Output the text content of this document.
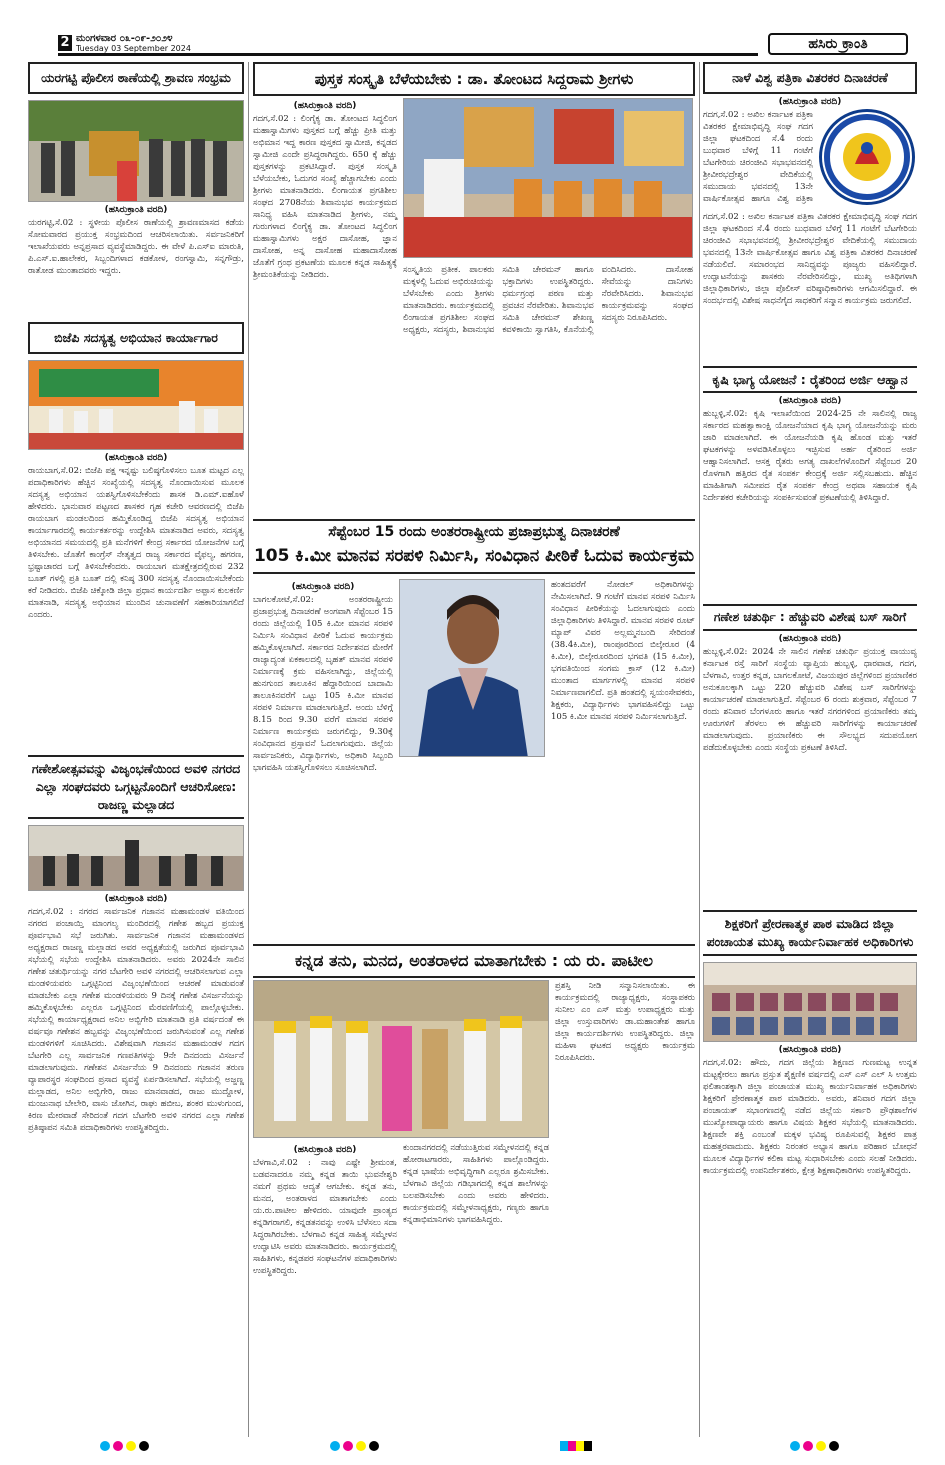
2 ಮಂಗಳವಾರ ೦೩-೦೯-೨೦೨೪
Tuesday 03 September 2024	ಹಸಿರು ಕ್ರಾಂತಿ
ಯರಗಟ್ಟಿ ಪೊಲೀಸ ಠಾಣೆಯಲ್ಲಿ ಶ್ರಾವಣ ಸಂಭ್ರಮ
(ಹಸಿರುಕ್ರಾಂತಿ ವರದಿ)
ಯರಗಟ್ಟಿ,ಸೆ.02 : ಸ್ಥಳೀಯ ಪೊಲೀಸ ಠಾಣೆಯಲ್ಲಿ ಶ್ರಾವಣಮಾಸದ ಕಡೆಯ ಸೋಮವಾರದ ಪ್ರಯುಕ್ತ ಸಂಭ್ರಮದಿಂದ ಆಚರಿಸಲಾಯಿತು. ಸರ್ವಜನಿಕರಿಗೆ ಇಲಾಖೆಯವರು ಅನ್ನಪ್ರಸಾದ ವ್ಯವಸ್ಥೆಮಾಡಿದ್ದರು. ಈ ವೇಳೆ ಪಿ.ಎಸ್‌ಐ ಮಾರುತಿ, ಪಿ.ಎಸ್.ಐ.ಹಾಲೇಕರ, ಸಿಬ್ಬಂದಿಗಳಾದ ಕಡಕೋಳ, ರಂಗಸ್ವಾಮಿ, ಸನ್ನಗೌಡ್ರು, ರಾತೋಡ ಮುಂತಾದವರು ಇದ್ದರು.
ಬಿಜೆಪಿ ಸದಸ್ಯತ್ವ ಅಭಿಯಾನ ಕಾರ್ಯಾಗಾರ
(ಹಸಿರುಕ್ರಾಂತಿ ವರದಿ)
ರಾಯಬಾಗ,ಸೆ.02: ಬಿಜೆಪಿ ಪಕ್ಷ ಇನ್ನಷ್ಟು ಬಲಿಷ್ಠಗೊಳಿಸಲು ಬೂತ ಮಟ್ಟದ ಎಲ್ಲ ಪದಾಧಿಕಾರಿಗಳು ಹೆಚ್ಚಿನ ಸಂಖ್ಯೆಯಲ್ಲಿ ಸದಸ್ಯತ್ವ ನೊಂದಾಯಿಸುವ ಮೂಲಕ ಸದಸ್ಯತ್ವ ಅಭಿಯಾನ ಯಶಸ್ವಿಗೊಳಿಸಬೇಕೆಂದು ಶಾಸಕ ಡಿ.ಎಮ್.ಐಹೊಳೆ ಹೇಳಿದರು. ಭಾನುವಾರ ಪಟ್ಟಣದ ಶಾಸಕರ ಗೃಹ ಕಚೇರಿ ಆವರಣದಲ್ಲಿ ಬಿಜೆಪಿ ರಾಯಬಾಗ ಮಂಡಲದಿಂದ ಹಮ್ಮಿಕೊಂಡಿದ್ದ ಬಿಜೆಪಿ ಸದಸ್ಯತ್ವ ಅಭಿಯಾನ ಕಾರ್ಯಾಗಾರದಲ್ಲಿ ಕಾರ್ಯಕರ್ತರನ್ನು ಉದ್ದೇಶಿಸಿ ಮಾತನಾಡಿದ ಅವರು, ಸದಸ್ಯತ್ವ ಅಭಿಯಾನದ ಸಮಯದಲ್ಲಿ ಪ್ರತಿ ಮನೆಗಳಿಗೆ ಕೇಂದ್ರ ಸರ್ಕಾರದ ಯೋಜನೆಗಳ ಬಗ್ಗೆ ತಿಳಿಸಬೇಕು. ಜೊತೆಗೆ ಕಾಂಗ್ರೆಸ್ ನೇತೃತ್ವದ ರಾಜ್ಯ ಸರ್ಕಾರದ ವೈಫಲ್ಯ, ಹಗರಣ, ಭ್ರಷ್ಟಾಚಾರದ ಬಗ್ಗೆ ತಿಳಿಸಬೇಕೆಂದರು. ರಾಯಬಾಗ ಮತಕ್ಷೇತ್ರದಲ್ಲಿರುವ 232 ಬೂತ್ ಗಳಲ್ಲಿ ಪ್ರತಿ ಬೂತ್ ದಲ್ಲಿ ಕನಿಷ್ಠ 300 ಸದಸ್ಯತ್ವ ನೊಂದಾಯಿಸಬೇಕೆಂದು ಕರೆ ನೀಡಿದರು. ಬಿಜೆಪಿ ಚಿಕ್ಕೋಡಿ ಜಿಲ್ಲಾ ಪ್ರಧಾನ ಕಾರ್ಯದರ್ಶಿ ಅಪ್ಪಾಸ ಕುಲಕರ್ಣಿ ಮಾತನಾಡಿ, ಸದಸ್ಯತ್ವ ಅಭಿಯಾನ ಮುಂದಿನ ಚುನಾವಣೆಗೆ ಸಹಕಾರಿಯಾಗಲಿದೆ ಎಂದರು.
ಗಣೇಶೋತ್ಸವವನ್ನು ವಿಜೃಂಭಣೆಯಿಂದ ಅವಳಿ ನಗರದ ಎಲ್ಲಾ ಸಂಘದವರು ಒಗ್ಗಟ್ಟನೊಂದಿಗೆ ಆಚರಿಸೋಣ: ರಾಜಣ್ಣ ಮಲ್ಲಾಡದ
(ಹಸಿರುಕ್ರಾಂತಿ ವರದಿ)
ಗದಗ,ಸೆ.02 : ನಗರದ ಸಾರ್ವಜನಿಕ ಗಜಾನನ ಮಹಾಮಂಡಳ ವತಿಯಿಂದ ನಗರದ ಪಂಚಾಯ್ತಿ ಮಾಂಗಲ್ಯ ಮಂದಿರದಲ್ಲಿ ಗಣೇಶ ಹಬ್ಬದ ಪ್ರಯುಕ್ತ ಪೂರ್ವಭಾವಿ ಸಭೆ ಜರುಗಿತು. ಸಾರ್ವಜನಿಕ ಗಜಾನನ ಮಹಾಮಂಡಳದ ಅಧ್ಯಕ್ಷರಾದ ರಾಜಣ್ಣ ಮಲ್ಲಾಡದ ಅವರ ಅಧ್ಯಕ್ಷತೆಯಲ್ಲಿ ಜರುಗಿದ ಪೂರ್ವಭಾವಿ ಸಭೆಯಲ್ಲಿ ಸಭೆಯ ಉದ್ದೇಶಿಸಿ ಮಾತನಾಡಿದರು. ಅವರು 2024ನೇ ಸಾಲಿನ ಗಣೇಶ ಚತುರ್ಥಿಯನ್ನು ನಗರ ಬೆಟಗೇರಿ ಅವಳಿ ನಗರದಲ್ಲಿ ಆಚರಿಸಲಾಗುವ ಎಲ್ಲಾ ಮಂಡಳಿಯವರು ಒಗ್ಗಟ್ಟಿನಿಂದ ವಿಜೃಂಭಣೆಯಿಂದ ಆಚರಣೆ ಮಾಡುವಂತೆ ಮಾಡಬೇಕು ಎಲ್ಲಾ ಗಣೇಶ ಮಂಡಳಿಯವರು 9 ದಿನಕ್ಕೆ ಗಣೇಶ ವಿಸರ್ಜನೆಯನ್ನು ಹಮ್ಮಿಕೊಳ್ಳಬೇಕು ಎಲ್ಲರೂ ಒಗ್ಗಟ್ಟಿನಿಂದ ಮೆರವಣಿಗೆಯಲ್ಲಿ ಪಾಲ್ಗೊಳ್ಳಬೇಕು. ಸಭೆಯಲ್ಲಿ ಕಾರ್ಯಾಧ್ಯಕ್ಷರಾದ ಅನಿಲ ಅಬ್ಬಿಗೇರಿ ಮಾತನಾಡಿ ಪ್ರತಿ ವರ್ಷದಂತೆ ಈ ವರ್ಷವೂ ಗಣೇಶನ ಹಬ್ಬವನ್ನು ವಿಜೃಂಭಣೆಯಿಂದ ಜರುಗಿಸುವಂತೆ ಎಲ್ಲ ಗಣೇಶ ಮಂಡಳಿಗಳಿಗೆ ಸೂಚಿಸಿದರು. ವಿಶೇಷವಾಗಿ ಗಜಾನನ ಮಹಾಮಂಡಳ ಗದಗ ಬೆಟಗೇರಿ ಎಲ್ಲ ಸಾರ್ವಜನಿಕ ಗಣಪತಿಗಳನ್ನು 9ನೇ ದಿನದಂದು ವಿಸರ್ಜನೆ ಮಾಡಲಾಗುವುದು. ಗಣೇಶನ ವಿಸರ್ಜನೆಯ 9 ದಿನದಂದು ಗಜಾನನ ತರುಣ ವ್ಯಾಪಾರಸ್ಥರ ಸಂಘದಿಂದ ಪ್ರಸಾದ ವ್ಯವಸ್ಥೆ ಏರ್ಪಡಿಸಲಾಗಿದೆ. ಸಭೆಯಲ್ಲಿ ಅಜ್ಜಣ್ಣ ಮಲ್ಲಾಡದ, ಅನಿಲ ಅಬ್ಬಿಗೇರಿ, ರಾಜು ಮಾನವಾಡದ, ರಾಜು ಮುದ್ದೋಳ, ಮಂಜುನಾಥ ಬೇಲೇರಿ, ವಾಸು ಜೋಗಿನ, ರಾಘು ಹಬೀಬ, ಶಂಕರ ಮುಳುಗುಂದ, ಕಿರಣ ಮೇರವಾಡೆ ಸೇರಿದಂತೆ ಗದಗ ಬೆಟಗೇರಿ ಅವಳಿ ನಗರದ ಎಲ್ಲಾ ಗಣೇಶ ಪ್ರತಿಷ್ಠಾಪನ ಸಮಿತಿ ಪದಾಧಿಕಾರಿಗಳು ಉಪಸ್ಥಿತರಿದ್ದರು.
ಪುಸ್ತಕ ಸಂಸ್ಕೃತಿ ಬೆಳೆಯಬೇಕು : ಡಾ. ತೋಂಟದ ಸಿದ್ದರಾಮ ಶ್ರೀಗಳು
(ಹಸಿರುಕ್ರಾಂತಿ ವರದಿ)
ಗದಗ,ಸೆ.02 : ಲಿಂಗೈಕ್ಯ ಡಾ. ತೋಂಟದ ಸಿದ್ಧಲಿಂಗ ಮಹಾಸ್ವಾಮಿಗಳು ಪುಸ್ತಕದ ಬಗ್ಗೆ ಹೆಚ್ಚು ಪ್ರೀತಿ ಮತ್ತು ಅಭಿಮಾನ ಇದ್ದ ಕಾರಣ ಪುಸ್ತಕದ ಸ್ವಾಮೀಜಿ, ಕನ್ನಡದ ಸ್ವಾಮೀಜಿ ಎಂದೇ ಪ್ರಸಿದ್ಧರಾಗಿದ್ದರು. 650 ಕ್ಕೆ ಹೆಚ್ಚು ಪುಸ್ತಕಗಳನ್ನು ಪ್ರಕಟಿಸಿದ್ದಾರೆ. ಪುಸ್ತಕ ಸಂಸ್ಕೃತಿ ಬೆಳೆಯಬೇಕು, ಓದುಗರ ಸಂಖ್ಯೆ ಹೆಚ್ಚಾಗಬೇಕು ಎಂದು ಶ್ರೀಗಳು ಮಾತನಾಡಿದರು. ಲಿಂಗಾಯತ ಪ್ರಗತಿಶೀಲ ಸಂಘದ 2708ನೆಯ ಶಿವಾನುಭವ ಕಾರ್ಯಕ್ರಮದ ಸಾನಿಧ್ಯ ವಹಿಸಿ ಮಾತನಾಡಿದ ಶ್ರೀಗಳು, ನಮ್ಮ ಗುರುಗಳಾದ ಲಿಂಗೈಕ್ಯ ಡಾ. ತೋಂಟದ ಸಿದ್ಧಲಿಂಗ ಮಹಾಸ್ವಾಮಿಗಳು ಅಕ್ಷರ ದಾಸೋಹ, ಜ್ಞಾನ ದಾಸೋಹ, ಅನ್ನ ದಾಸೋಹ ಮಹಾದಾಸೋಹ ಜೊತೆಗೆ ಗ್ರಂಥ ಪ್ರಕಟಣೆಯ ಮೂಲಕ ಕನ್ನಡ ಸಾಹಿತ್ಯಕ್ಕೆ ಶ್ರೀಮಂತಿಕೆಯನ್ನು ನೀಡಿದರು.	ಸಂಸ್ಕೃತಿಯ ಪ್ರತೀಕ. ಪಾಲಕರು ಮಕ್ಕಳಲ್ಲಿ ಓದುವ ಅಭಿರುಚಿಯನ್ನು ಬೆಳೆಸಬೇಕು ಎಂದು ಶ್ರೀಗಳು ಮಾತನಾಡಿದರು. ಕಾರ್ಯಕ್ರಮದಲ್ಲಿ ಲಿಂಗಾಯತ ಪ್ರಗತಿಶೀಲ ಸಂಘದ ಅಧ್ಯಕ್ಷರು, ಸದಸ್ಯರು, ಶಿವಾನುಭವ ಸಮಿತಿ ಚೇರಮನ್ ಹಾಗೂ ಭಕ್ತಾದಿಗಳು ಉಪಸ್ಥಿತರಿದ್ದರು. ಧರ್ಮಗ್ರಂಥ ಪಠಣ ಮತ್ತು ಪ್ರವಚನ ನೆರವೇರಿತು. ಶಿವಾನುಭವ ಸಮಿತಿ ಚೇರಮನ್ ಶೇಖಣ್ಣ ಕವಳಿಕಾಯಿ ಸ್ವಾಗತಿಸಿ, ಕೊನೆಯಲ್ಲಿ ವಂದಿಸಿದರು. ದಾಸೋಹ ಸೇವೆಯನ್ನು ದಾನಿಗಳು ನೆರವೇರಿಸಿದರು. ಶಿವಾನುಭವ ಕಾರ್ಯಕ್ರಮವನ್ನು ಸಂಘದ ಸದಸ್ಯರು ನಿರೂಪಿಸಿದರು.
ಸೆಪ್ಟೆಂಬರ 15 ರಂದು ಅಂತರರಾಷ್ಟ್ರೀಯ ಪ್ರಜಾಪ್ರಭುತ್ವ ದಿನಾಚರಣೆ
105 ಕಿ.ಮೀ ಮಾನವ ಸರಪಳಿ ನಿರ್ಮಿಸಿ, ಸಂವಿಧಾನ ಪೀಠಿಕೆ ಓದುವ ಕಾರ್ಯಕ್ರಮ
(ಹಸಿರುಕ್ರಾಂತಿ ವರದಿ)
ಬಾಗಲಕೋಟೆ,ಸೆ.02: ಅಂತರರಾಷ್ಟ್ರೀಯ ಪ್ರಜಾಪ್ರಭುತ್ವ ದಿನಾಚರಣೆ ಅಂಗವಾಗಿ ಸೆಪ್ಟೆಂಬರ 15 ರಂದು ಜಿಲ್ಲೆಯಲ್ಲಿ 105 ಕಿ.ಮೀ ಮಾನವ ಸರಪಳಿ ನಿರ್ಮಿಸಿ ಸಂವಿಧಾನ ಪೀಠಿಕೆ ಓದುವ ಕಾರ್ಯಕ್ರಮ ಹಮ್ಮಿಕೊಳ್ಳಲಾಗಿದೆ. ಸರ್ಕಾರದ ನಿರ್ದೇಶನದ ಮೇರೆಗೆ ರಾಜ್ಯಾದ್ಯಂತ ಏಕಕಾಲದಲ್ಲಿ ಬೃಹತ್ ಮಾನವ ಸರಪಳಿ ನಿರ್ಮಾಣಕ್ಕೆ ಕ್ರಮ ವಹಿಸಲಾಗಿದ್ದು, ಜಿಲ್ಲೆಯಲ್ಲಿ ಹುನಗುಂದ ತಾಲೂಕಿನ ಹೆದ್ದಾರಿಯಿಂದ ಬಾದಾಮಿ ತಾಲೂಕಿನವರೆಗೆ ಒಟ್ಟು 105 ಕಿ.ಮೀ ಮಾನವ ಸರಪಳಿ ನಿರ್ಮಾಣ ಮಾಡಲಾಗುತ್ತಿದೆ. ಅಂದು ಬೆಳಿಗ್ಗೆ 8.15 ರಿಂದ 9.30 ವರೆಗೆ ಮಾನವ ಸರಪಳಿ ನಿರ್ಮಾಣ ಕಾರ್ಯಕ್ರಮ ಜರುಗಲಿದ್ದು, 9.30ಕ್ಕೆ ಸಂವಿಧಾನದ ಪ್ರಸ್ತಾವನೆ ಓದಲಾಗುವುದು. ಜಿಲ್ಲೆಯ ಸಾರ್ವಜನಿಕರು, ವಿದ್ಯಾರ್ಥಿಗಳು, ಅಧಿಕಾರಿ ಸಿಬ್ಬಂದಿ ಭಾಗವಹಿಸಿ ಯಶಸ್ವಿಗೊಳಿಸಲು ಸೂಚಿಸಲಾಗಿದೆ.
ಹಂತದವರೆಗೆ ನೋಡಲ್ ಅಧಿಕಾರಿಗಳನ್ನು ನೇಮಿಸಲಾಗಿದೆ. 9 ಗಂಟೆಗೆ ಮಾನವ ಸರಪಳಿ ನಿರ್ಮಿಸಿ ಸಂವಿಧಾನ ಪೀಠಿಕೆಯನ್ನು ಓದಲಾಗುವುದು ಎಂದು ಜಿಲ್ಲಾಧಿಕಾರಿಗಳು ತಿಳಿಸಿದ್ದಾರೆ. ಮಾನವ ಸರಪಳಿ ರೂಟ್ ಮ್ಯಾಪ್ ವಿವರ ಅಲ್ಲಮ್ಮನಬಂದಿ ಸೇರಿದಂತೆ (38.4ಕಿ.ಮೀ), ರಾಂಪೂರದಿಂದ ಬಿಲ್ಕೇರೂರ (4 ಕಿ.ಮೀ), ಬಿಲ್ಕೇರೂರದಿಂದ ಭಗವತಿ (15 ಕಿ.ಮೀ), ಭಗವತಿಯಿಂದ ಸಂಗಮ ಕ್ರಾಸ್ (12 ಕಿ.ಮೀ) ಮುಂತಾದ ಮಾರ್ಗಗಳಲ್ಲಿ ಮಾನವ ಸರಪಳಿ ನಿರ್ಮಾಣವಾಗಲಿದೆ. ಪ್ರತಿ ಹಂತದಲ್ಲಿ ಸ್ವಯಂಸೇವಕರು, ಶಿಕ್ಷಕರು, ವಿದ್ಯಾರ್ಥಿಗಳು ಭಾಗವಹಿಸಲಿದ್ದು ಒಟ್ಟು 105 ಕಿ.ಮೀ ಮಾನವ ಸರಪಳಿ ನಿರ್ಮಿಸಲಾಗುತ್ತಿದೆ.
ಕನ್ನಡ ತನು, ಮನದ, ಅಂತರಾಳದ ಮಾತಾಗಬೇಕು : ಯ ರು. ಪಾಟೀಲ
ಪ್ರಶಸ್ತಿ ನೀಡಿ ಸನ್ಮಾನಿಸಲಾಯಿತು. ಈ ಕಾರ್ಯಕ್ರಮದಲ್ಲಿ ರಾಜ್ಯಾಧ್ಯಕ್ಷರು, ಸಂಸ್ಥಾಪಕರು ಸುನೀಲ ಎಂ ಎಸ್ ಮತ್ತು ಉಪಾಧ್ಯಕ್ಷರು ಮತ್ತು ಜಿಲ್ಲಾ ಉಸ್ತುವಾರಿಗಳು ಡಾ.ಮಹಾಂತೇಶ ಹಾಗೂ ಜಿಲ್ಲಾ ಕಾರ್ಯದರ್ಶಿಗಳು ಉಪಸ್ಥಿತರಿದ್ದರು. ಜಿಲ್ಲಾ ಮಹಿಳಾ ಘಟಕದ ಅಧ್ಯಕ್ಷರು ಕಾರ್ಯಕ್ರಮ ನಿರೂಪಿಸಿದರು.
(ಹಸಿರುಕ್ರಾಂತಿ ವರದಿ)
ಬೆಳಗಾವಿ,ಸೆ.02 : ನಾವು ಎಷ್ಟೇ ಶ್ರೀಮಂತ, ಬಡವನಾದರೂ ನಮ್ಮ ಕನ್ನಡ ತಾಯಿ ಭುವನೇಶ್ವರಿ ನಮಗೆ ಪ್ರಥಮ ಆದ್ಯತೆ ಆಗಬೇಕು. ಕನ್ನಡ ತನು, ಮನದ, ಅಂತರಾಳದ ಮಾತಾಗಬೇಕು ಎಂದು ಯ.ರು.ಪಾಟೀಲ ಹೇಳಿದರು. ಯಾವುದೇ ಪ್ರಾಂತ್ಯದ ಕನ್ನಡಿಗರಾಗಲಿ, ಕನ್ನಡತನವನ್ನು ಉಳಿಸಿ ಬೆಳೆಸಲು ಸದಾ ಸಿದ್ಧರಾಗಿರಬೇಕು. ಬೆಳಗಾವಿ ಕನ್ನಡ ಸಾಹಿತ್ಯ ಸಮ್ಮೇಳನ ಉದ್ಘಾಟಿಸಿ ಅವರು ಮಾತನಾಡಿದರು. ಕಾರ್ಯಕ್ರಮದಲ್ಲಿ ಸಾಹಿತಿಗಳು, ಕನ್ನಡಪರ ಸಂಘಟನೆಗಳ ಪದಾಧಿಕಾರಿಗಳು ಉಪಸ್ಥಿತರಿದ್ದರು.
ಕುಂದಾನಗರದಲ್ಲಿ ನಡೆಯುತ್ತಿರುವ ಸಮ್ಮೇಳನದಲ್ಲಿ ಕನ್ನಡ ಹೋರಾಟಗಾರರು, ಸಾಹಿತಿಗಳು ಪಾಲ್ಗೊಂಡಿದ್ದರು. ಕನ್ನಡ ಭಾಷೆಯ ಅಭಿವೃದ್ಧಿಗಾಗಿ ಎಲ್ಲರೂ ಶ್ರಮಿಸಬೇಕು. ಬೆಳಗಾವಿ ಜಿಲ್ಲೆಯ ಗಡಿಭಾಗದಲ್ಲಿ ಕನ್ನಡ ಶಾಲೆಗಳನ್ನು ಬಲಪಡಿಸಬೇಕು ಎಂದು ಅವರು ಹೇಳಿದರು. ಕಾರ್ಯಕ್ರಮದಲ್ಲಿ ಸಮ್ಮೇಳನಾಧ್ಯಕ್ಷರು, ಗಣ್ಯರು ಹಾಗೂ ಕನ್ನಡಾಭಿಮಾನಿಗಳು ಭಾಗವಹಿಸಿದ್ದರು.
ನಾಳೆ ವಿಶ್ವ ಪತ್ರಿಕಾ ವಿತರಕರ ದಿನಾಚರಣೆ
(ಹಸಿರುಕ್ರಾಂತಿ ವರದಿ)
ಗದಗ,ಸೆ.02 : ಅಖಿಲ ಕರ್ನಾಟಕ ಪತ್ರಿಕಾ ವಿತರಕರ ಕ್ಷೇಮಾಭಿವೃದ್ಧಿ ಸಂಘ ಗದಗ ಜಿಲ್ಲಾ ಘಟಕದಿಂದ ಸೆ.4 ರಂದು ಬುಧವಾರ ಬೆಳಿಗ್ಗೆ 11 ಗಂಟೆಗೆ ಬೆಟಗೇರಿಯ ಚಿರಂಜೀವಿ ಸಭಾಭವನದಲ್ಲಿ ಶ್ರೀವೀರಭದ್ರೇಶ್ವರ ವೇದಿಕೆಯಲ್ಲಿ ಸಮುದಾಯ ಭವನದಲ್ಲಿ 13ನೇ ವಾರ್ಷಿಕೋತ್ಸವ ಹಾಗೂ ವಿಶ್ವ ಪತ್ರಿಕಾ
ಗದಗ,ಸೆ.02 : ಅಖಿಲ ಕರ್ನಾಟಕ ಪತ್ರಿಕಾ ವಿತರಕರ ಕ್ಷೇಮಾಭಿವೃದ್ಧಿ ಸಂಘ ಗದಗ ಜಿಲ್ಲಾ ಘಟಕದಿಂದ ಸೆ.4 ರಂದು ಬುಧವಾರ ಬೆಳಿಗ್ಗೆ 11 ಗಂಟೆಗೆ ಬೆಟಗೇರಿಯ ಚಿರಂಜೀವಿ ಸಭಾಭವನದಲ್ಲಿ ಶ್ರೀವೀರಭದ್ರೇಶ್ವರ ವೇದಿಕೆಯಲ್ಲಿ ಸಮುದಾಯ ಭವನದಲ್ಲಿ 13ನೇ ವಾರ್ಷಿಕೋತ್ಸವ ಹಾಗೂ ವಿಶ್ವ ಪತ್ರಿಕಾ ವಿತರಕರ ದಿನಾಚರಣೆ ನಡೆಯಲಿದೆ. ಸಮಾರಂಭದ ಸಾನಿಧ್ಯವನ್ನು ಪೂಜ್ಯರು ವಹಿಸಲಿದ್ದಾರೆ. ಉದ್ಘಾಟನೆಯನ್ನು ಶಾಸಕರು ನೆರವೇರಿಸಲಿದ್ದು, ಮುಖ್ಯ ಅತಿಥಿಗಳಾಗಿ ಜಿಲ್ಲಾಧಿಕಾರಿಗಳು, ಜಿಲ್ಲಾ ಪೊಲೀಸ್ ವರಿಷ್ಠಾಧಿಕಾರಿಗಳು ಆಗಮಿಸಲಿದ್ದಾರೆ. ಈ ಸಂದರ್ಭದಲ್ಲಿ ವಿಶೇಷ ಸಾಧನೆಗೈದ ಸಾಧಕರಿಗೆ ಸನ್ಮಾನ ಕಾರ್ಯಕ್ರಮ ಜರುಗಲಿದೆ.
ಕೃಷಿ ಭಾಗ್ಯ ಯೋಜನೆ : ರೈತರಿಂದ ಅರ್ಜಿ ಆಹ್ವಾನ
(ಹಸಿರುಕ್ರಾಂತಿ ವರದಿ)
ಹುಬ್ಬಳ್ಳಿ,ಸೆ.02: ಕೃಷಿ ಇಲಾಖೆಯಿಂದ 2024-25 ನೇ ಸಾಲಿನಲ್ಲಿ ರಾಜ್ಯ ಸರ್ಕಾರದ ಮಹತ್ವಾಕಾಂಕ್ಷಿ ಯೋಜನೆಯಾದ ಕೃಷಿ ಭಾಗ್ಯ ಯೋಜನೆಯನ್ನು ಮರು ಜಾರಿ ಮಾಡಲಾಗಿದೆ. ಈ ಯೋಜನೆಯಡಿ ಕೃಷಿ ಹೊಂಡ ಮತ್ತು ಇತರೆ ಘಟಕಗಳನ್ನು ಅಳವಡಿಸಿಕೊಳ್ಳಲು ಇಚ್ಛಿಸುವ ಅರ್ಹ ರೈತರಿಂದ ಅರ್ಜಿ ಆಹ್ವಾನಿಸಲಾಗಿದೆ. ಆಸಕ್ತ ರೈತರು ಅಗತ್ಯ ದಾಖಲೆಗಳೊಂದಿಗೆ ಸೆಪ್ಟೆಂಬರ 20 ರೊಳಗಾಗಿ ಹತ್ತಿರದ ರೈತ ಸಂಪರ್ಕ ಕೇಂದ್ರಕ್ಕೆ ಅರ್ಜಿ ಸಲ್ಲಿಸಬಹುದು. ಹೆಚ್ಚಿನ ಮಾಹಿತಿಗಾಗಿ ಸಮೀಪದ ರೈತ ಸಂಪರ್ಕ ಕೇಂದ್ರ ಅಥವಾ ಸಹಾಯಕ ಕೃಷಿ ನಿರ್ದೇಶಕರ ಕಚೇರಿಯನ್ನು ಸಂಪರ್ಕಿಸುವಂತೆ ಪ್ರಕಟಣೆಯಲ್ಲಿ ತಿಳಿಸಿದ್ದಾರೆ.
ಗಣೇಶ ಚತುರ್ಥಿ : ಹೆಚ್ಚುವರಿ ವಿಶೇಷ ಬಸ್ ಸಾರಿಗೆ
(ಹಸಿರುಕ್ರಾಂತಿ ವರದಿ)
ಹುಬ್ಬಳ್ಳಿ,ಸೆ.02: 2024 ನೇ ಸಾಲಿನ ಗಣೇಶ ಚತುರ್ಥಿ ಪ್ರಯುಕ್ತ ವಾಯುವ್ಯ ಕರ್ನಾಟಕ ರಸ್ತೆ ಸಾರಿಗೆ ಸಂಸ್ಥೆಯ ವ್ಯಾಪ್ತಿಯ ಹುಬ್ಬಳ್ಳಿ, ಧಾರವಾಡ, ಗದಗ, ಬೆಳಗಾವಿ, ಉತ್ತರ ಕನ್ನಡ, ಬಾಗಲಕೋಟೆ, ವಿಜಯಪುರ ಜಿಲ್ಲೆಗಳಿಂದ ಪ್ರಯಾಣಿಕರ ಅನುಕೂಲಕ್ಕಾಗಿ ಒಟ್ಟು 220 ಹೆಚ್ಚುವರಿ ವಿಶೇಷ ಬಸ್ ಸಾರಿಗೆಗಳನ್ನು ಕಾರ್ಯಾಚರಣೆ ಮಾಡಲಾಗುತ್ತಿದೆ. ಸೆಪ್ಟೆಂಬರ 6 ರಂದು ಶುಕ್ರವಾರ, ಸೆಪ್ಟೆಂಬರ 7 ರಂದು ಶನಿವಾರ ಬೆಂಗಳೂರು ಹಾಗೂ ಇತರೆ ನಗರಗಳಿಂದ ಪ್ರಯಾಣಿಕರು ತಮ್ಮ ಊರುಗಳಿಗೆ ತೆರಳಲು ಈ ಹೆಚ್ಚುವರಿ ಸಾರಿಗೆಗಳನ್ನು ಕಾರ್ಯಾಚರಣೆ ಮಾಡಲಾಗುವುದು. ಪ್ರಯಾಣಿಕರು ಈ ಸೌಲಭ್ಯದ ಸದುಪಯೋಗ ಪಡೆದುಕೊಳ್ಳಬೇಕು ಎಂದು ಸಂಸ್ಥೆಯ ಪ್ರಕಟಣೆ ತಿಳಿಸಿದೆ.
ಶಿಕ್ಷಕರಿಗೆ ಪ್ರೇರಣಾತ್ಮಕ ಪಾಠ ಮಾಡಿದ ಜಿಲ್ಲಾ ಪಂಚಾಯತ ಮುಖ್ಯ ಕಾರ್ಯನಿರ್ವಾಹಕ ಅಧಿಕಾರಿಗಳು
(ಹಸಿರುಕ್ರಾಂತಿ ವರದಿ)
ಗದಗ,ಸೆ.02: ಹೌದು, ಗದಗ ಜಿಲ್ಲೆಯ ಶಿಕ್ಷಣದ ಗುಣಮಟ್ಟ ಉನ್ನತ ಮಟ್ಟಕ್ಕೇರಲು ಹಾಗೂ ಪ್ರಸ್ತುತ ಶೈಕ್ಷಣಿಕ ವರ್ಷದಲ್ಲಿ ಎಸ್ ಎಸ್ ಎಲ್ ಸಿ ಉತ್ತಮ ಫಲಿತಾಂಶಕ್ಕಾಗಿ ಜಿಲ್ಲಾ ಪಂಚಾಯತ ಮುಖ್ಯ ಕಾರ್ಯನಿರ್ವಾಹಕ ಅಧಿಕಾರಿಗಳು ಶಿಕ್ಷಕರಿಗೆ ಪ್ರೇರಣಾತ್ಮಕ ಪಾಠ ಮಾಡಿದರು. ಅವರು, ಶನಿವಾರ ಗದಗ ಜಿಲ್ಲಾ ಪಂಚಾಯತ್ ಸಭಾಂಗಣದಲ್ಲಿ ನಡೆದ ಜಿಲ್ಲೆಯ ಸರ್ಕಾರಿ ಪ್ರೌಢಶಾಲೆಗಳ ಮುಖ್ಯೋಪಾಧ್ಯಾಯರು ಹಾಗೂ ವಿಷಯ ಶಿಕ್ಷಕರ ಸಭೆಯಲ್ಲಿ ಮಾತನಾಡಿದರು. ಶಿಕ್ಷಣವೇ ಶಕ್ತಿ ಎಂಬಂತೆ ಮಕ್ಕಳ ಭವಿಷ್ಯ ರೂಪಿಸುವಲ್ಲಿ ಶಿಕ್ಷಕರ ಪಾತ್ರ ಮಹತ್ತರವಾದುದು. ಶಿಕ್ಷಕರು ನಿರಂತರ ಅಭ್ಯಾಸ ಹಾಗೂ ಪರಿಹಾರ ಬೋಧನೆ ಮೂಲಕ ವಿದ್ಯಾರ್ಥಿಗಳ ಕಲಿಕಾ ಮಟ್ಟ ಸುಧಾರಿಸಬೇಕು ಎಂದು ಸಲಹೆ ನೀಡಿದರು. ಕಾರ್ಯಕ್ರಮದಲ್ಲಿ ಉಪನಿರ್ದೇಶಕರು, ಕ್ಷೇತ್ರ ಶಿಕ್ಷಣಾಧಿಕಾರಿಗಳು ಉಪಸ್ಥಿತರಿದ್ದರು.
